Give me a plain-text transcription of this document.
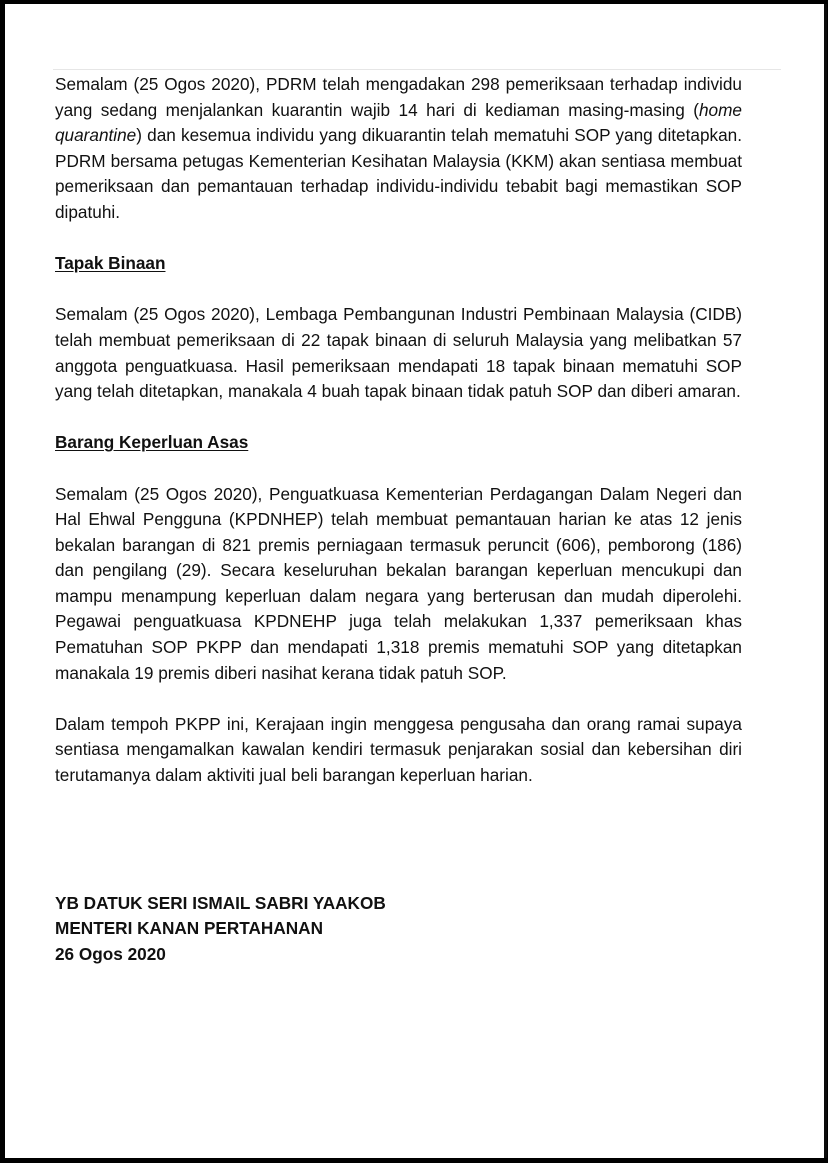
Semalam (25 Ogos 2020), PDRM telah mengadakan 298 pemeriksaan terhadap individu yang sedang menjalankan kuarantin wajib 14 hari di kediaman masing-masing (home quarantine) dan kesemua individu yang dikuarantin telah mematuhi SOP yang ditetapkan. PDRM bersama petugas Kementerian Kesihatan Malaysia (KKM) akan sentiasa membuat pemeriksaan dan pemantauan terhadap individu-individu tebabit bagi memastikan SOP dipatuhi.

Tapak Binaan

Semalam (25 Ogos 2020), Lembaga Pembangunan Industri Pembinaan Malaysia (CIDB) telah membuat pemeriksaan di 22 tapak binaan di seluruh Malaysia yang melibatkan 57 anggota penguatkuasa. Hasil pemeriksaan mendapati 18 tapak binaan mematuhi SOP yang telah ditetapkan, manakala 4 buah tapak binaan tidak patuh SOP dan diberi amaran.

Barang Keperluan Asas

Semalam (25 Ogos 2020), Penguatkuasa Kementerian Perdagangan Dalam Negeri dan Hal Ehwal Pengguna (KPDNHEP) telah membuat pemantauan harian ke atas 12 jenis bekalan barangan di 821 premis perniagaan termasuk peruncit (606), pemborong (186) dan pengilang (29). Secara keseluruhan bekalan barangan keperluan mencukupi dan mampu menampung keperluan dalam negara yang berterusan dan mudah diperolehi. Pegawai penguatkuasa KPDNEHP juga telah melakukan 1,337 pemeriksaan khas Pematuhan SOP PKPP dan mendapati 1,318 premis mematuhi SOP yang ditetapkan manakala 19 premis diberi nasihat kerana tidak patuh SOP.

Dalam tempoh PKPP ini, Kerajaan ingin menggesa pengusaha dan orang ramai supaya sentiasa mengamalkan kawalan kendiri termasuk penjarakan sosial dan kebersihan diri terutamanya dalam aktiviti jual beli barangan keperluan harian.

YB DATUK SERI ISMAIL SABRI YAAKOB

MENTERI KANAN PERTAHANAN

26 Ogos 2020
